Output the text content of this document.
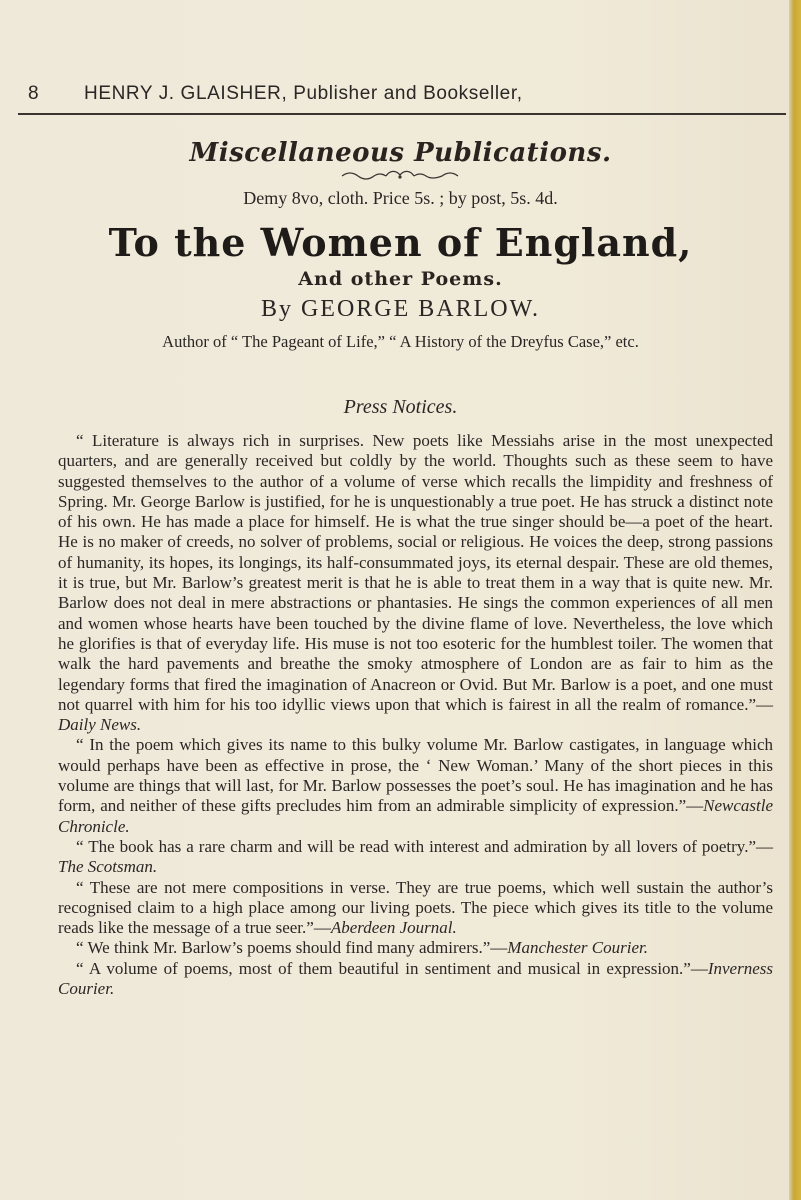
8 HENRY J. GLAISHER, Publisher and Bookseller,
Miscellaneous Publications.
Demy 8vo, cloth. Price 5s. ; by post, 5s. 4d.
To the Women of England,
And other Poems.
By GEORGE BARLOW.
Author of “ The Pageant of Life,” “ A History of the Dreyfus Case,” etc.
Press Notices.

“ Literature is always rich in surprises. New poets like Messiahs arise in the most unexpected quarters, and are generally received but coldly by the world. Thoughts such as these seem to have suggested themselves to the author of a volume of verse which recalls the limpidity and freshness of Spring. Mr. George Barlow is justified, for he is unquestionably a true poet. He has struck a distinct note of his own. He has made a place for himself. He is what the true singer should be—a poet of the heart. He is no maker of creeds, no solver of problems, social or religious. He voices the deep, strong passions of humanity, its hopes, its longings, its half-consummated joys, its eternal despair. These are old themes, it is true, but Mr. Barlow’s greatest merit is that he is able to treat them in a way that is quite new. Mr. Barlow does not deal in mere abstractions or phantasies. He sings the common experiences of all men and women whose hearts have been touched by the divine flame of love. Nevertheless, the love which he glorifies is that of everyday life. His muse is not too esoteric for the humblest toiler. The women that walk the hard pavements and breathe the smoky atmosphere of London are as fair to him as the legendary forms that fired the imagination of Anacreon or Ovid. But Mr. Barlow is a poet, and one must not quarrel with him for his too idyllic views upon that which is fairest in all the realm of romance.”—Daily News.

“ In the poem which gives its name to this bulky volume Mr. Barlow castigates, in language which would perhaps have been as effective in prose, the ‘ New Woman.’ Many of the short pieces in this volume are things that will last, for Mr. Barlow possesses the poet’s soul. He has imagination and he has form, and neither of these gifts precludes him from an admirable simplicity of expression.”—Newcastle Chronicle.

“ The book has a rare charm and will be read with interest and admiration by all lovers of poetry.”—The Scotsman.

“ These are not mere compositions in verse. They are true poems, which well sustain the author’s recognised claim to a high place among our living poets. The piece which gives its title to the volume reads like the message of a true seer.”—Aberdeen Journal.

“ We think Mr. Barlow’s poems should find many admirers.”—Manchester Courier.

“ A volume of poems, most of them beautiful in sentiment and musical in expression.”—Inverness Courier.
